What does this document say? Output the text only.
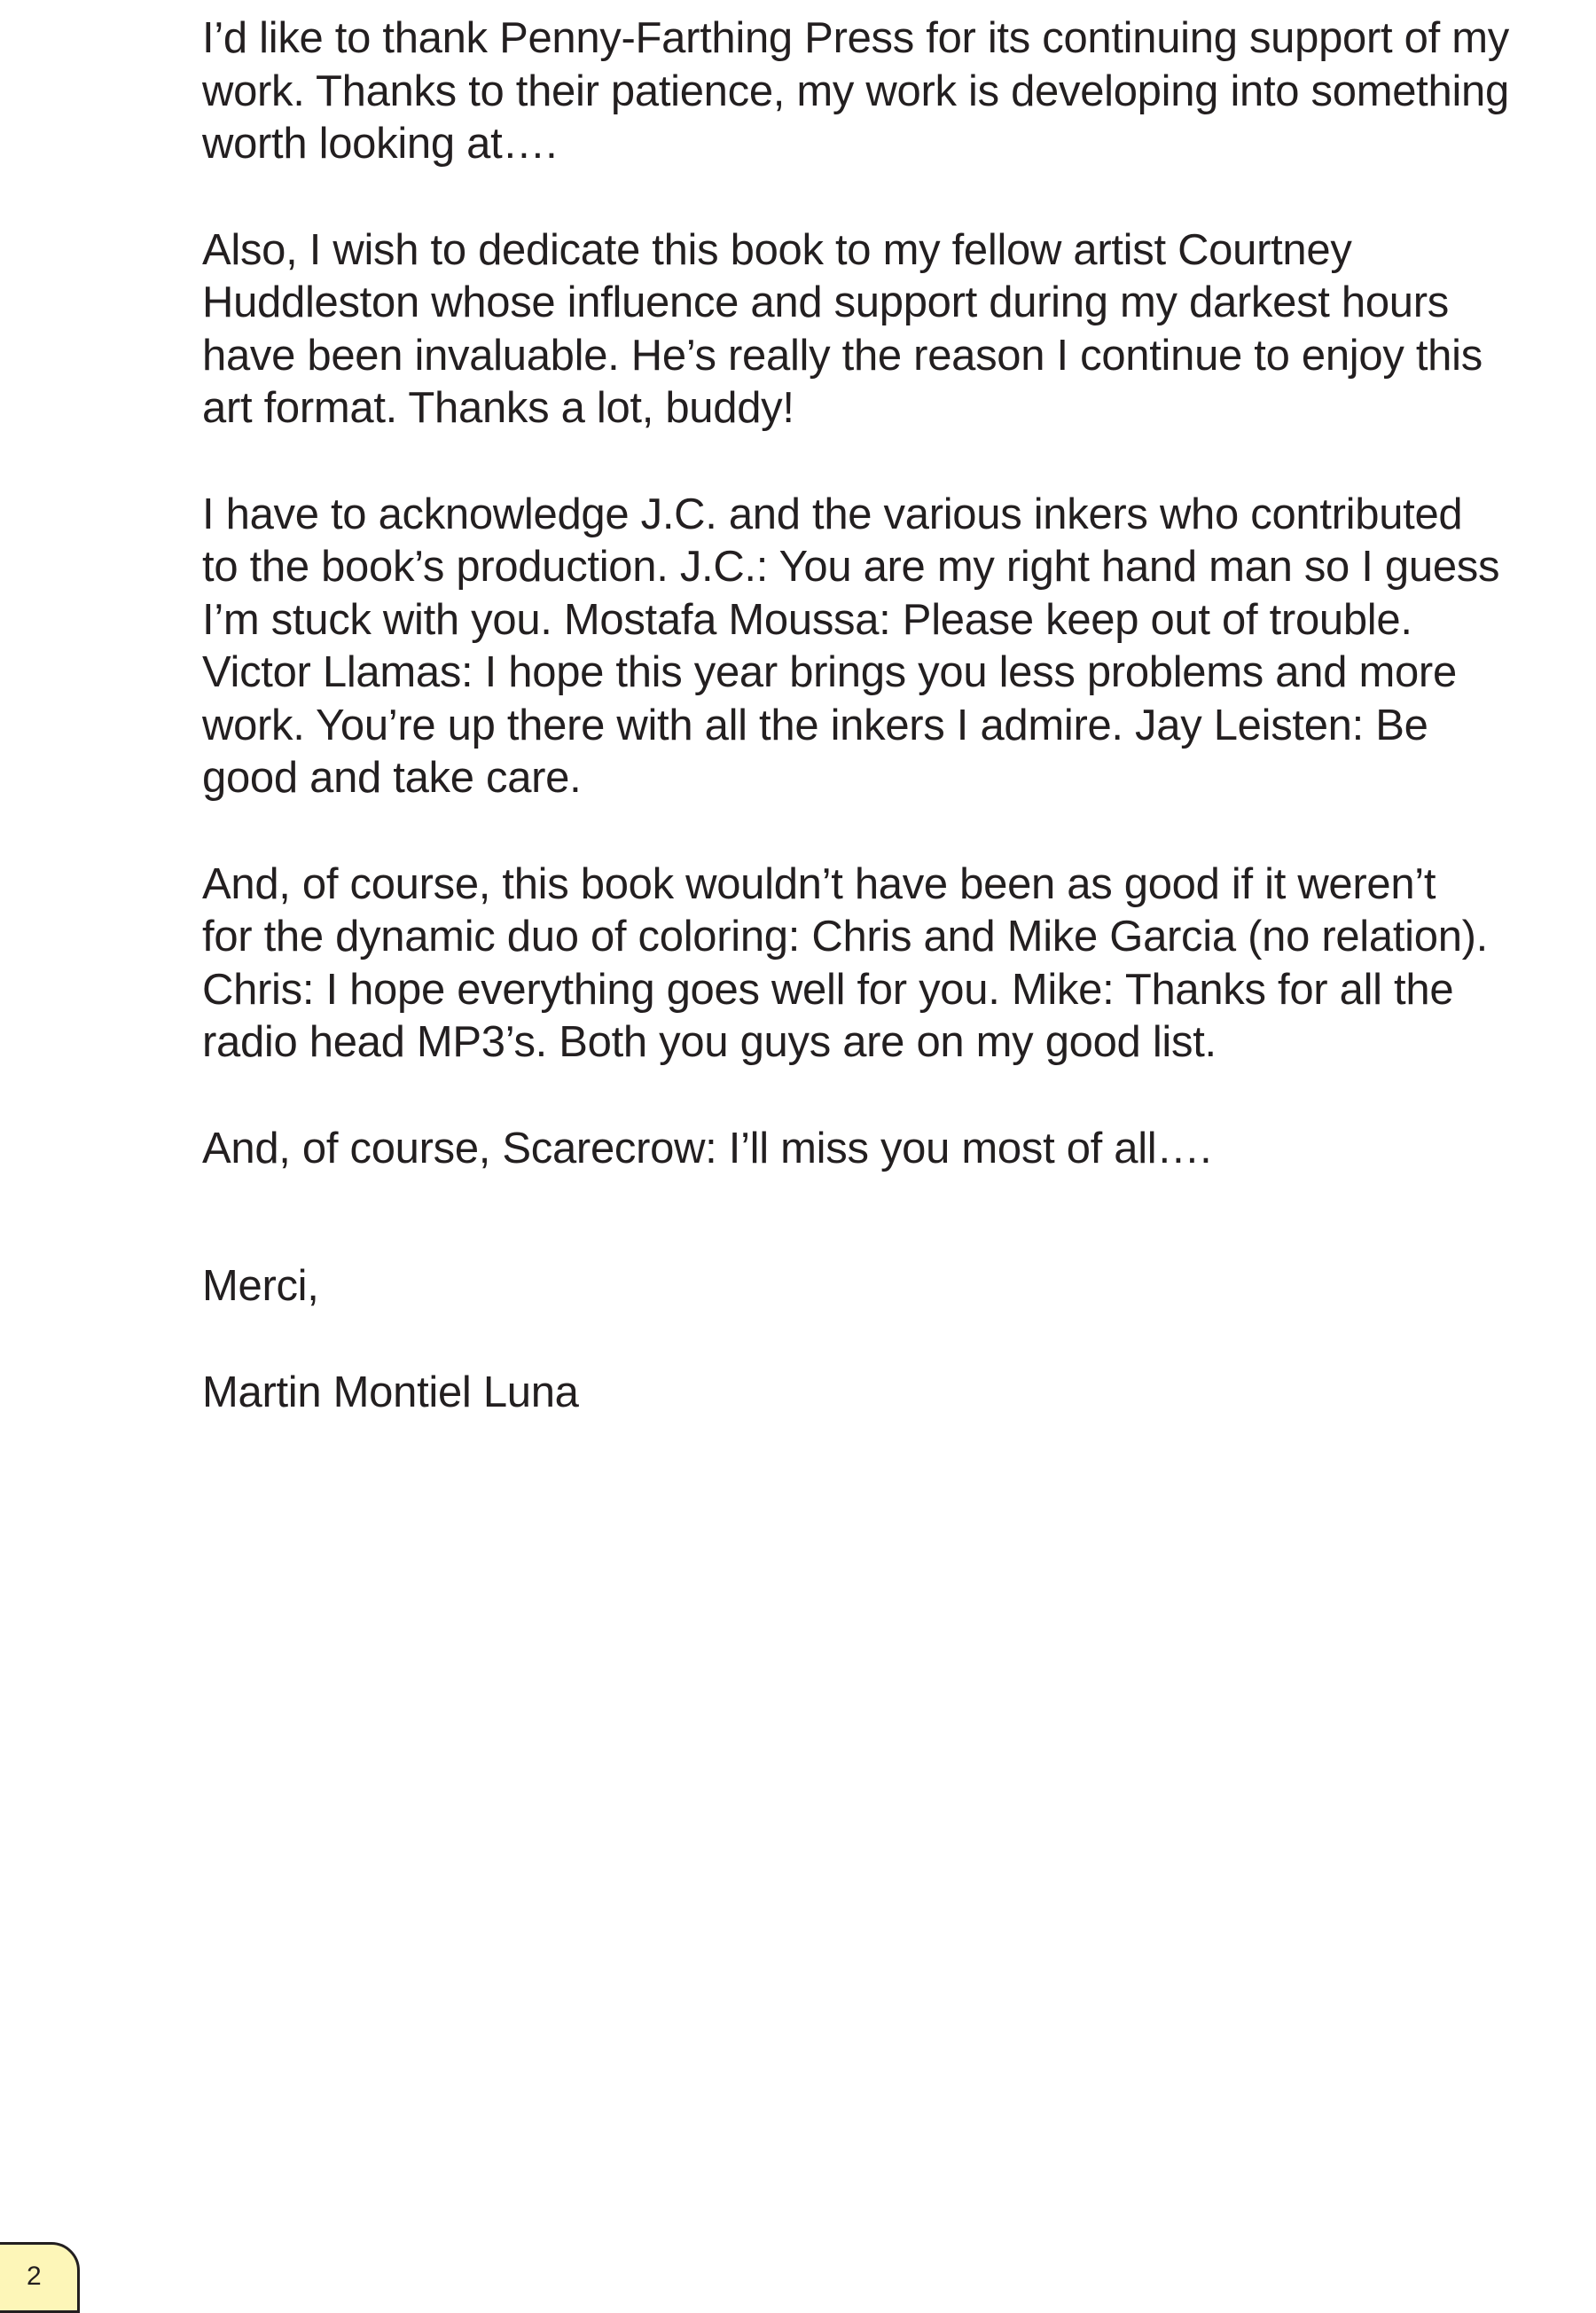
I’d like to thank Penny-Farthing Press for its continuing support of my
work. Thanks to their patience, my work is developing into something
worth looking at….

Also, I wish to dedicate this book to my fellow artist Courtney
Huddleston whose influence and support during my darkest hours
have been invaluable. He’s really the reason I continue to enjoy this
art format. Thanks a lot, buddy!

I have to acknowledge J.C. and the various inkers who contributed
to the book’s production. J.C.: You are my right hand man so I guess
I’m stuck with you. Mostafa Moussa: Please keep out of trouble.
Victor Llamas: I hope this year brings you less problems and more
work. You’re up there with all the inkers I admire. Jay Leisten: Be
good and take care.

And, of course, this book wouldn’t have been as good if it weren’t
for the dynamic duo of coloring: Chris and Mike Garcia (no relation).
Chris: I hope everything goes well for you. Mike: Thanks for all the
radio head MP3’s. Both you guys are on my good list.

And, of course, Scarecrow: I’ll miss you most of all….

Merci,

Martin Montiel Luna

2
